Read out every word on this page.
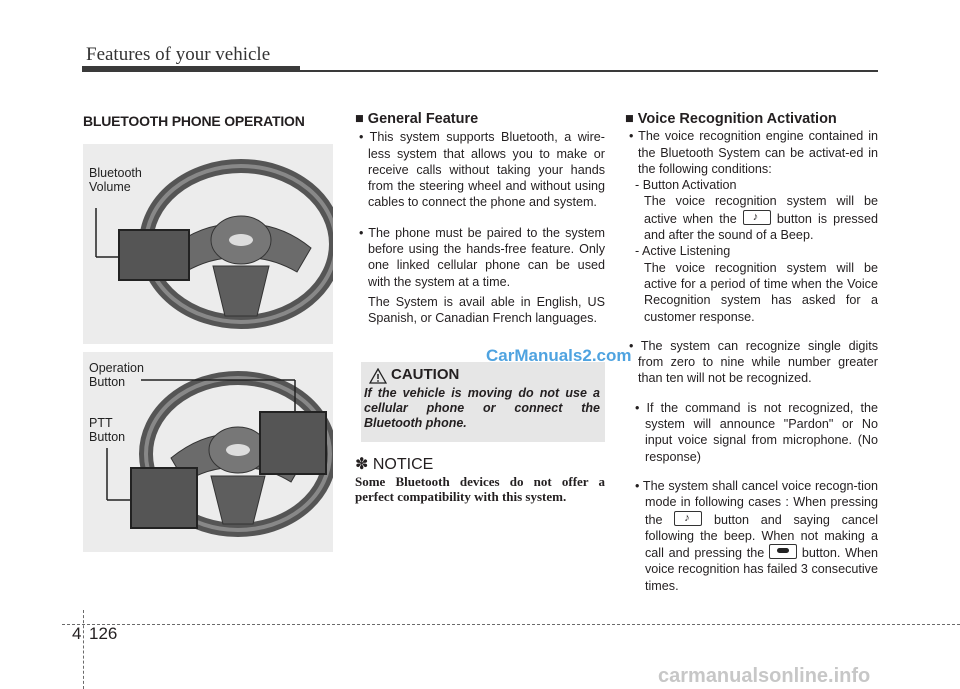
Features of your vehicle
BLUETOOTH PHONE OPERATION
Bluetooth
Volume
Operation
Button
PTT
Button

■ General Feature

• This system supports Bluetooth, a wire-less system that allows you to make or receive calls without taking your hands from the steering wheel and without using cables to connect the phone and system.

• The phone must be paired to the system before using the hands-free feature. Only one linked cellular phone can be used with the system at a time.

The System is avail able in English, US Spanish, or Canadian French languages.

CAUTION
If the vehicle is moving do not use a cellular phone or connect the Bluetooth phone.
✽ NOTICE
Some Bluetooth devices do not offer a perfect compatibility with this system.

■ Voice Recognition Activation

• The voice recognition engine contained in the Bluetooth System can be activat-ed in the following conditions:

- Button Activation

The voice recognition system will be active when the ♪ button is pressed and after the sound of a Beep.

- Active Listening

The voice recognition system will be active for a period of time when the Voice Recognition system has asked for a customer response.

• The system can recognize single digits from zero to nine while number greater than ten will not be recognized.

• If the command is not recognized, the system will announce "Pardon" or No input voice signal from microphone. (No response)

• The system shall cancel voice recogn-tion mode in following cases : When pressing the ♪ button and saying cancel following the beep. When not making a call and pressing the	button. When voice recognition has failed 3 consecutive times.

CarManuals2.com
carmanualsonline.info
4 126
